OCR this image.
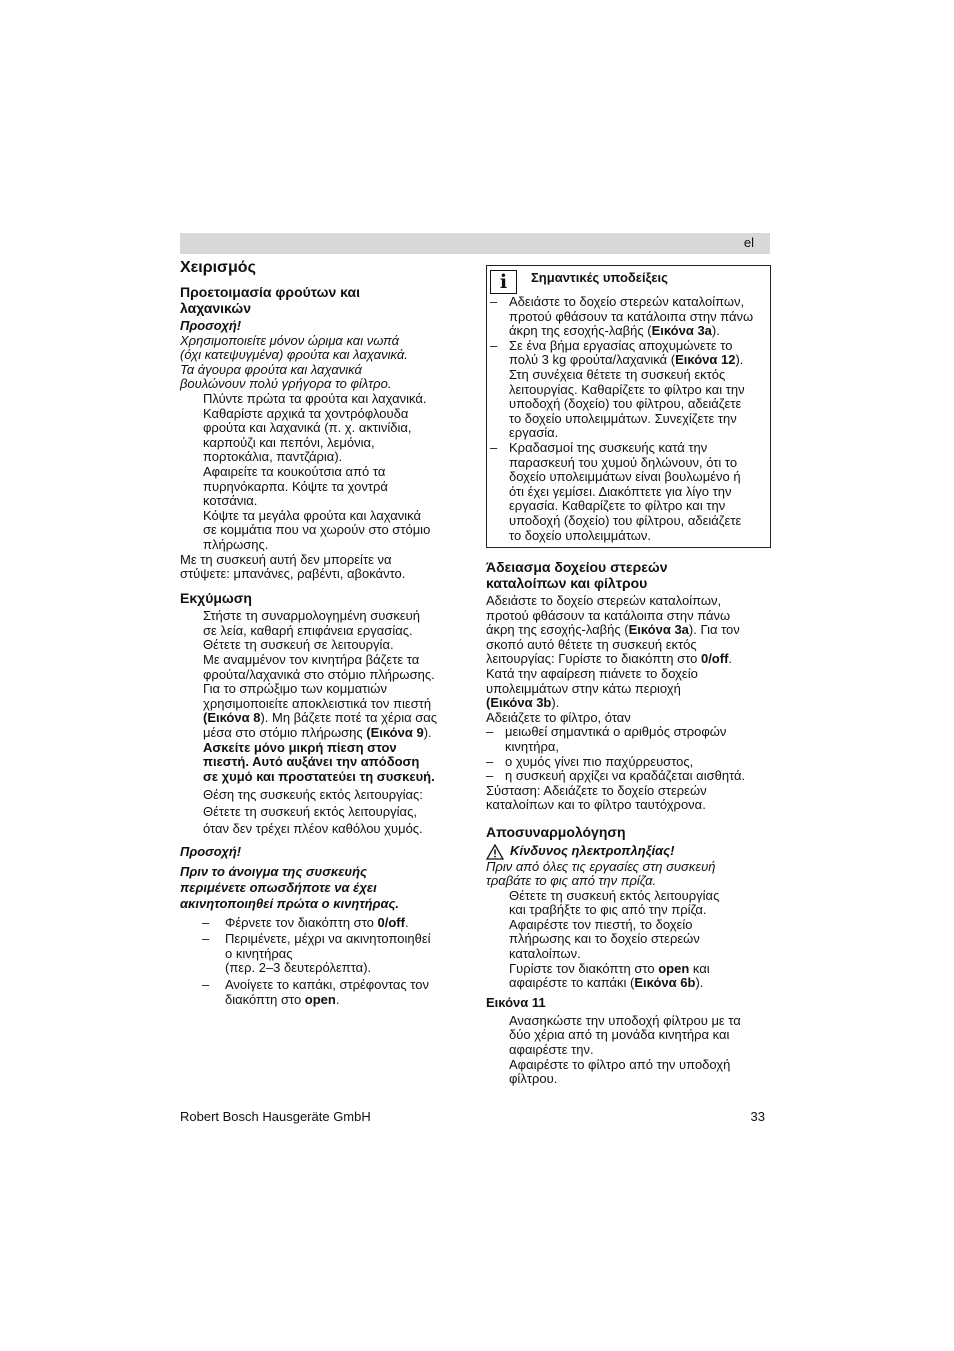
el
Χειρισμός
Προετοιμασία φρούτων και
λαχανικών
Προσοχή!
Χρησιμοποιείτε μόνον ώριμα και νωπά
(όχι κατεψυγμένα) φρούτα και λαχανικά.
Τα άγουρα φρούτα και λαχανικά
βουλώνουν πολύ γρήγορα το φίλτρο.
Πλύντε πρώτα τα φρούτα και λαχανικά.
Καθαρίστε αρχικά τα χοντρόφλουδα
φρούτα και λαχανικά (π. χ. ακτινίδια,
καρπούζι και πεπόνι, λεμόνια,
πορτοκάλια, παντζάρια).
Αφαιρείτε τα κουκούτσια από τα
πυρηνόκαρπα. Κόψτε τα χοντρά
κοτσάνια.
Κόψτε τα μεγάλα φρούτα και λαχανικά
σε κομμάτια που να χωρούν στο στόμιο
πλήρωσης.
Με τη συσκευή αυτή δεν μπορείτε να
στύψετε: μπανάνες, ραβέντι, αβοκάντο.
Εκχύμωση
Στήστε τη συναρμολογημένη συσκευή
σε λεία, καθαρή επιφάνεια εργασίας.
Θέτετε τη συσκευή σε λειτουργία.
Με αναμμένον τον κινητήρα βάζετε τα
φρούτα/λαχανικά στο στόμιο πλήρωσης.
Για το σπρώξιμο των κομματιών
χρησιμοποιείτε αποκλειστικά τον πιεστή
(Εικόνα 8). Μη βάζετε ποτέ τα χέρια σας
μέσα στο στόμιο πλήρωσης (Εικόνα 9).
Ασκείτε μόνο μικρή πίεση στον
πιεστή. Αυτό αυξάνει την απόδοση
σε χυμό και προστατεύει τη συσκευή.
Θέση της συσκευής εκτός λειτουργίας:
Θέτετε τη συσκευή εκτός λειτουργίας,
όταν δεν τρέχει πλέον καθόλου χυμός.
Προσοχή!
Πριν το άνοιγμα της συσκευής
περιμένετε οπωσδήποτε να έχει
ακινητοποιηθεί πρώτα ο κινητήρας.
– Φέρνετε τον διακόπτη στο 0/off.
– Περιμένετε, μέχρι να ακινητοποιηθεί
ο κινητήρας
(περ. 2–3 δευτερόλεπτα).
– Ανοίγετε το καπάκι, στρέφοντας τον
διακόπτη στο open.
i Σημαντικές υποδείξεις
– Αδειάστε το δοχείο στερεών καταλοίπων,
προτού φθάσουν τα κατάλοιπα στην πάνω
άκρη της εσοχής-λαβής (Εικόνα 3a).
– Σε ένα βήμα εργασίας αποχυμώνετε το
πολύ 3 kg φρούτα/λαχανικά (Εικόνα 12).
Στη συνέχεια θέτετε τη συσκευή εκτός
λειτουργίας. Καθαρίζετε το φίλτρο και την
υποδοχή (δοχείο) του φίλτρου, αδειάζετε
το δοχείο υπολειμμάτων. Συνεχίζετε την
εργασία.
– Κραδασμοί της συσκευής κατά την
παρασκευή του χυμού δηλώνουν, ότι το
δοχείο υπολειμμάτων είναι βουλωμένο ή
ότι έχει γεμίσει. Διακόπτετε για λίγο την
εργασία. Καθαρίζετε το φίλτρο και την
υποδοχή (δοχείο) του φίλτρου, αδειάζετε
το δοχείο υπολειμμάτων.
Άδειασμα δοχείου στερεών
καταλοίπων και φίλτρου
Αδειάστε το δοχείο στερεών καταλοίπων,
προτού φθάσουν τα κατάλοιπα στην πάνω
άκρη της εσοχής-λαβής (Εικόνα 3a). Για τον
σκοπό αυτό θέτετε τη συσκευή εκτός
λειτουργίας: Γυρίστε το διακόπτη στο 0/off.
Κατά την αφαίρεση πιάνετε το δοχείο
υπολειμμάτων στην κάτω περιοχή
(Εικόνα 3b).
Αδειάζετε το φίλτρο, όταν
– μειωθεί σημαντικά ο αριθμός στροφών
κινητήρα,
– ο χυμός γίνει πιο παχύρρευστος,
– η συσκευή αρχίζει να κραδάζεται αισθητά.
Σύσταση: Αδειάζετε το δοχείο στερεών
καταλοίπων και το φίλτρο ταυτόχρονα.
Αποσυναρμολόγηση
Κίνδυνος ηλεκτροπληξίας!
Πριν από όλες τις εργασίες στη συσκευή
τραβάτε το φις από την πρίζα.
Θέτετε τη συσκευή εκτός λειτουργίας
και τραβήξτε το φις από την πρίζα.
Αφαιρέστε τον πιεστή, το δοχείο
πλήρωσης και το δοχείο στερεών
καταλοίπων.
Γυρίστε τον διακόπτη στο open και
αφαιρέστε το καπάκι (Εικόνα 6b).
Εικόνα 11
Ανασηκώστε την υποδοχή φίλτρου με τα
δύο χέρια από τη μονάδα κινητήρα και
αφαιρέστε την.
Αφαιρέστε το φίλτρο από την υποδοχή
φίλτρου.
Robert Bosch Hausgeräte GmbH	33
